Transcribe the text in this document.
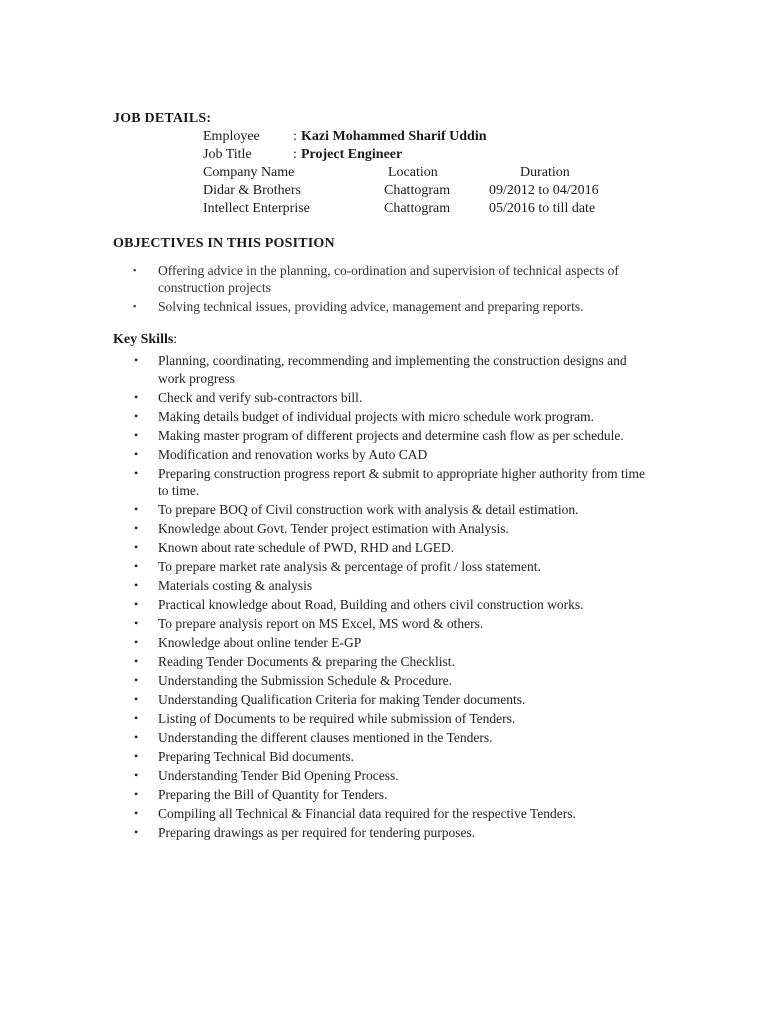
JOB DETAILS:
Employee : Kazi Mohammed Sharif Uddin
Job Title	: Project Engineer
Company Name	Location	Duration
Didar & Brothers	Chattogram	09/2012 to 04/2016
Intellect Enterprise	Chattogram	05/2016 to till date
OBJECTIVES IN THIS POSITION
▪ Offering advice in the planning, co-ordination and supervision of technical aspects of construction projects
▪ Solving technical issues, providing advice, management and preparing reports.
Key Skills:
• Planning, coordinating, recommending and implementing the construction designs and work progress
• Check and verify sub-contractors bill.
• Making details budget of individual projects with micro schedule work program.
• Making master program of different projects and determine cash flow as per schedule.
• Modification and renovation works by Auto CAD
• Preparing construction progress report & submit to appropriate higher authority from time to time.
• To prepare BOQ of Civil construction work with analysis & detail estimation.
• Knowledge about Govt. Tender project estimation with Analysis.
• Known about rate schedule of PWD, RHD and LGED.
• To prepare market rate analysis & percentage of profit / loss statement.
• Materials costing & analysis
• Practical knowledge about Road, Building and others civil construction works.
• To prepare analysis report on MS Excel, MS word & others.
• Knowledge about online tender E-GP
• Reading Tender Documents & preparing the Checklist.
• Understanding the Submission Schedule & Procedure.
• Understanding Qualification Criteria for making Tender documents.
• Listing of Documents to be required while submission of Tenders.
• Understanding the different clauses mentioned in the Tenders.
• Preparing Technical Bid documents.
• Understanding Tender Bid Opening Process.
• Preparing the Bill of Quantity for Tenders.
• Compiling all Technical & Financial data required for the respective Tenders.
• Preparing drawings as per required for tendering purposes.
